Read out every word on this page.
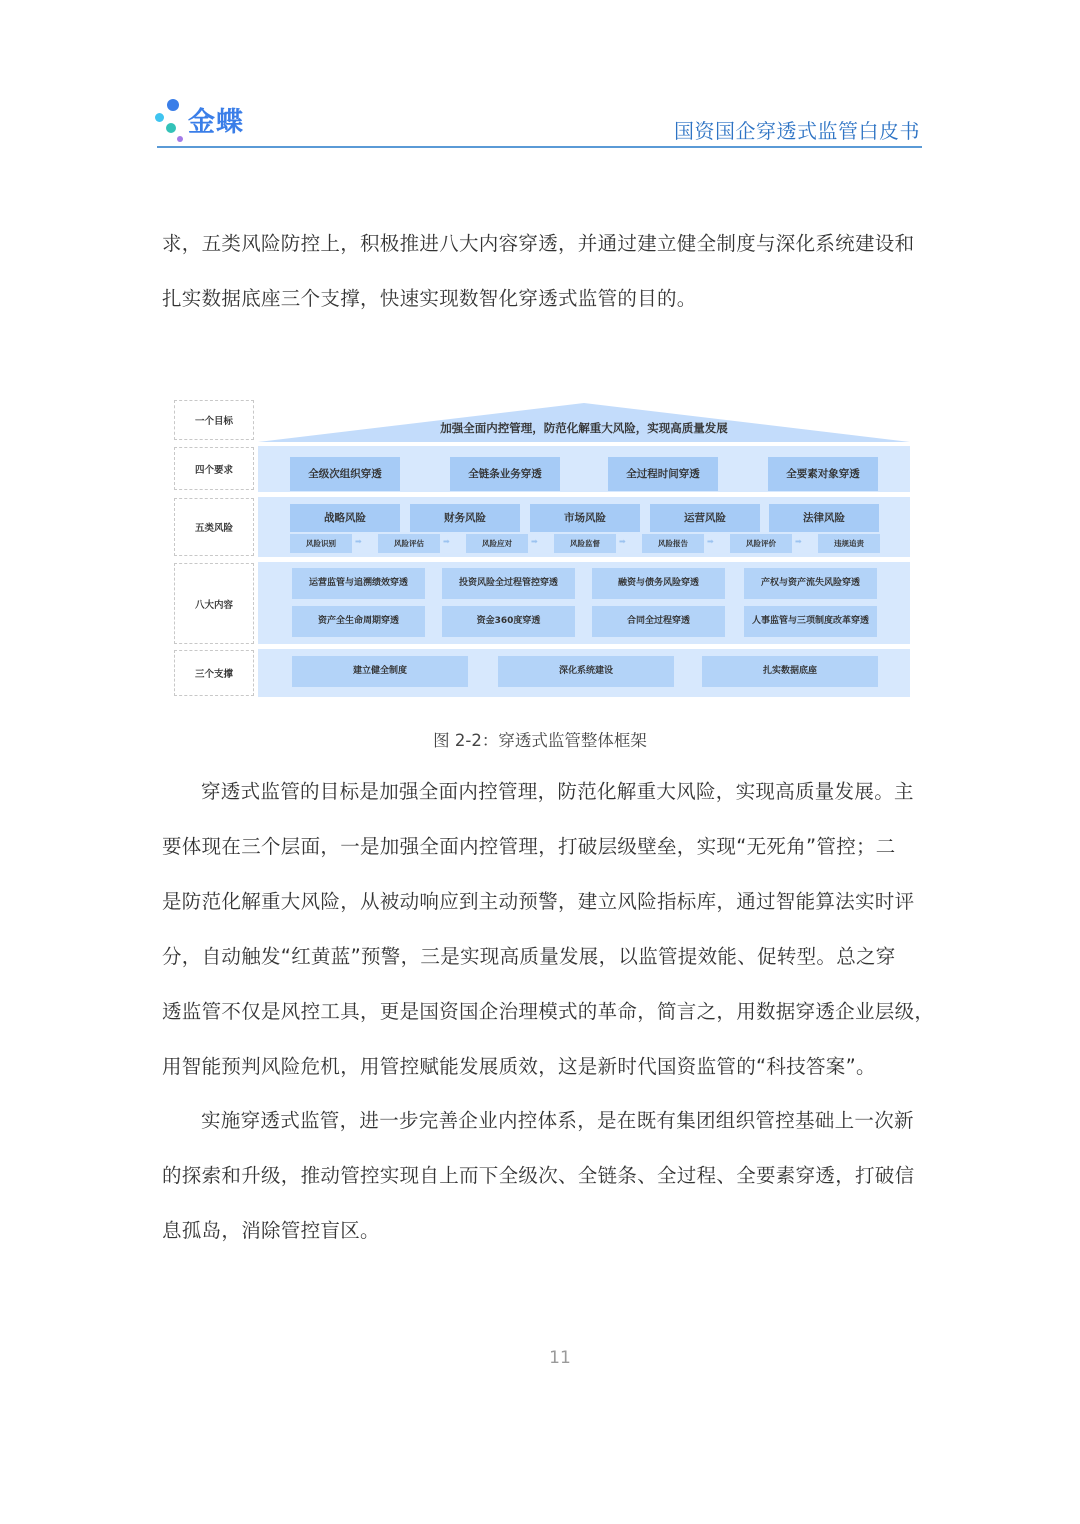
金蝶	国资国企穿透式监管白皮书
求，五类风险防控上，积极推进八大内容穿透，并通过建立健全制度与深化系统建设和
扎实数据底座三个支撑，快速实现数智化穿透式监管的目的。
一个目标
四个要求
五类风险
八大内容
三个支撑
加强全面内控管理，防范化解重大风险，实现高质量发展
全级次组织穿透	全链条业务穿透	全过程时间穿透	全要素对象穿透
战略风险	财务风险	市场风险	运营风险	法律风险
风险识别	➡	风险评估	➡	风险应对	➡	风险监督	➡	风险报告	➡	风险评价	➡	违规追责
运营监管与追溯绩效穿透	投资风险全过程管控穿透	融资与债务风险穿透	产权与资产流失风险穿透
资产全生命周期穿透	资金360度穿透	合同全过程穿透	人事监管与三项制度改革穿透
建立健全制度	深化系统建设	扎实数据底座
图 2-2：穿透式监管整体框架
穿透式监管的目标是加强全面内控管理，防范化解重大风险，实现高质量发展。主
要体现在三个层面，一是加强全面内控管理，打破层级壁垒，实现“无死角”管控；二
是防范化解重大风险，从被动响应到主动预警，建立风险指标库，通过智能算法实时评
分，自动触发“红黄蓝”预警，三是实现高质量发展，以监管提效能、促转型。总之穿
透监管不仅是风控工具，更是国资国企治理模式的革命，简言之，用数据穿透企业层级，
用智能预判风险危机，用管控赋能发展质效，这是新时代国资监管的“科技答案”。
实施穿透式监管，进一步完善企业内控体系，是在既有集团组织管控基础上一次新
的探索和升级，推动管控实现自上而下全级次、全链条、全过程、全要素穿透，打破信
息孤岛，消除管控盲区。
11
